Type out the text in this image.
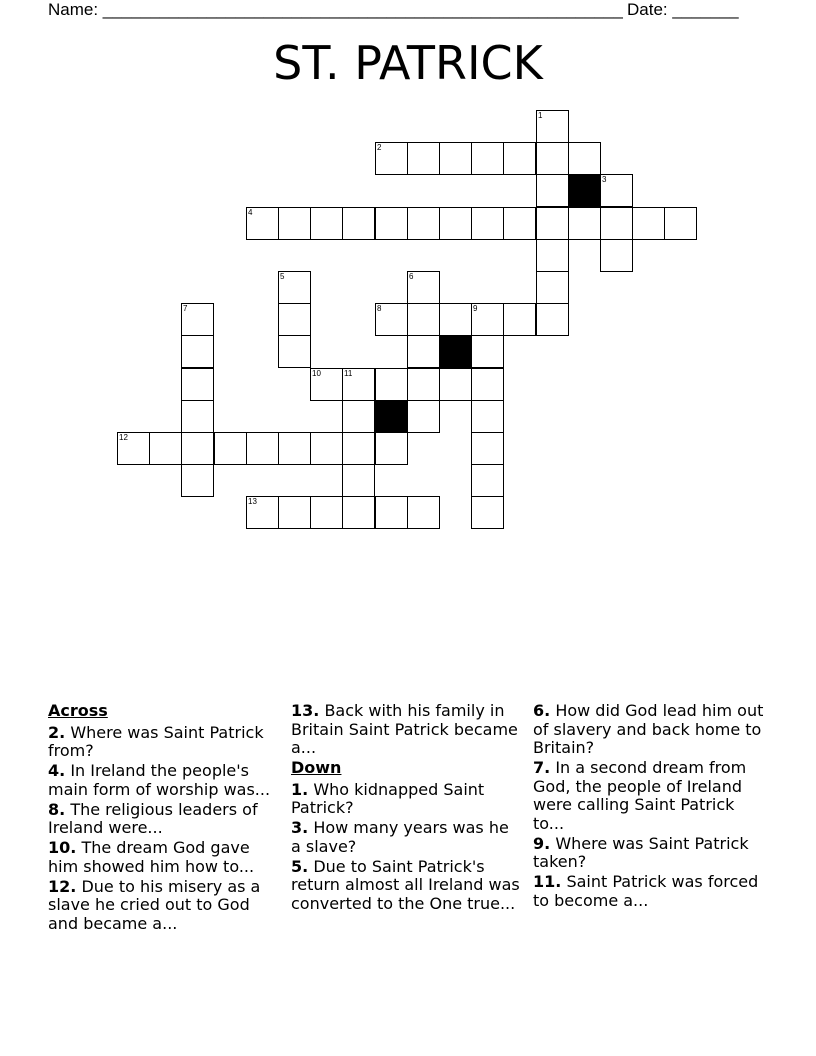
Name: _______________________________________________________ Date: _______
ST. PATRICK
1
2
3
4
5	6
7	8	9
10	11
12
13
Across
2. Where was Saint Patrick from?
4. In Ireland the people's main form of worship was...
8. The religious leaders of Ireland were...
10. The dream God gave him showed him how to...
12. Due to his misery as a slave he cried out to God and became a...
13. Back with his family in Britain Saint Patrick became a...
Down
1. Who kidnapped Saint Patrick?
3. How many years was he a slave?
5. Due to Saint Patrick's return almost all Ireland was converted to the One true...
6. How did God lead him out of slavery and back home to Britain?
7. In a second dream from God, the people of Ireland were calling Saint Patrick to...
9. Where was Saint Patrick taken?
11. Saint Patrick was forced to become a...
